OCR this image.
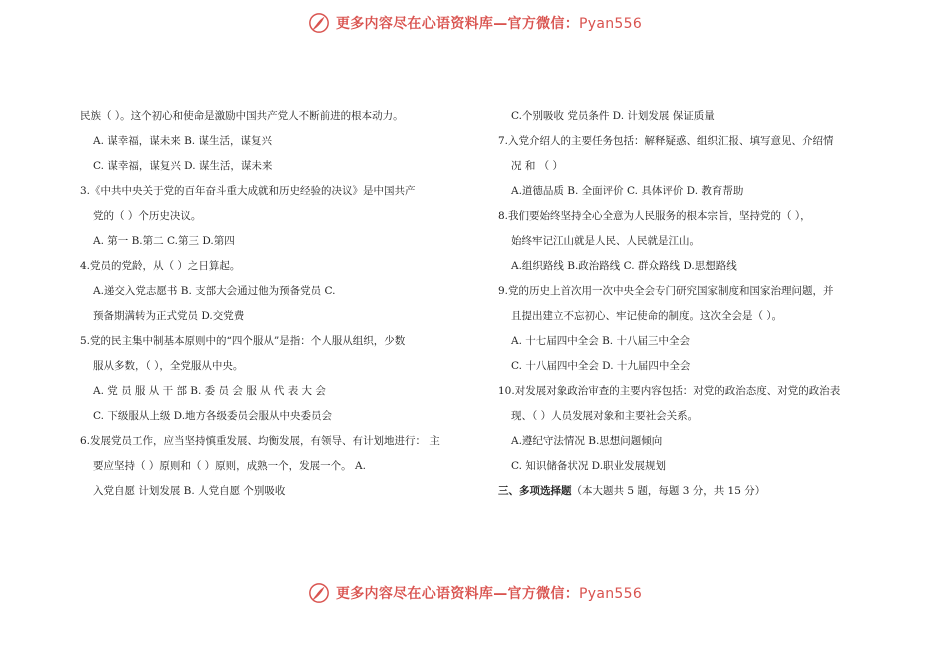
更多内容尽在心语资料库—官方微信：Pyan556
民族（ ）。这个初心和使命是激励中国共产党人不断前进的根本动力。
A. 谋幸福，谋未来 B. 谋生活，谋复兴
C. 谋幸福，谋复兴 D. 谋生活，谋未来
3.《中共中央关于党的百年奋斗重大成就和历史经验的决议》是中国共产
党的（ ）个历史决议。
A. 第一 B.第二 C.第三 D.第四
4.党员的党龄，从（ ）之日算起。
A.递交入党志愿书 B. 支部大会通过他为预备党员 C.
预备期满转为正式党员 D.交党费
5.党的民主集中制基本原则中的“四个服从”是指：个人服从组织，少数
服从多数，（ ），全党服从中央。
A. 党 员 服 从 干 部 B. 委 员 会 服 从 代 表 大 会
C. 下级服从上级 D.地方各级委员会服从中央委员会
6.发展党员工作，应当坚持慎重发展、均衡发展，有领导、有计划地进行： 主
要应坚持（ ）原则和（ ）原则，成熟一个，发展一个。 A.
入党自愿 计划发展 B. 人党自愿 个别吸收
C.个别吸收 党员条件 D. 计划发展 保证质量
7.入党介绍人的主要任务包括：解释疑惑、组织汇报、填写意见、介绍情
况 和 （ ）
A.道德品质 B. 全面评价 C. 具体评价 D. 教育帮助
8.我们要始终坚持全心全意为人民服务的根本宗旨，坚持党的（ ），
始终牢记江山就是人民、人民就是江山。
A.组织路线 B.政治路线 C. 群众路线 D.思想路线
9.党的历史上首次用一次中央全会专门研究国家制度和国家治理问题，并
且提出建立不忘初心、牢记使命的制度。这次全会是（ ）。
A. 十七届四中全会 B. 十八届三中全会
C. 十八届四中全会 D. 十九届四中全会
10.对发展对象政治审查的主要内容包括：对党的政治态度、对党的政治表
现、（ ）人员发展对象和主要社会关系。
A.遵纪守法情况 B.思想问题倾向
C. 知识储备状况 D.职业发展规划
三、多项选择题（本大题共 5 题，每题 3 分，共 15 分）
更多内容尽在心语资料库—官方微信：Pyan556
